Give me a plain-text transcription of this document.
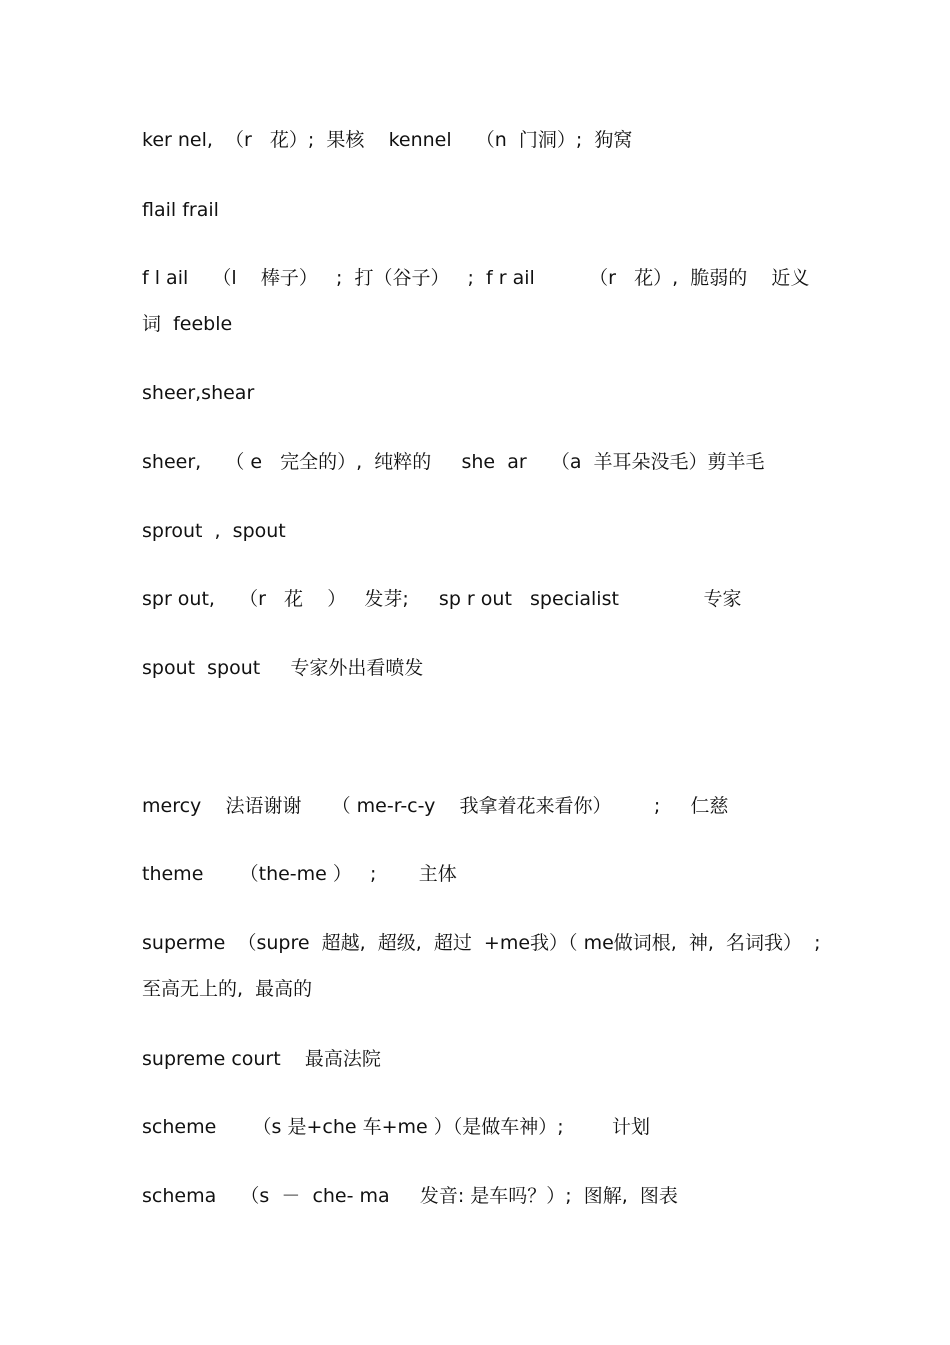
ker nel,  （r   花）;  果核    kennel    （n  门洞）;  狗窝
flail frail
f l ail    （l    棒子）   ;  打（谷子）   ;  f r ail         （r   花）,  脆弱的    近义词  feeble
sheer,shear
sheer,    （ e   完全的）,  纯粹的     she  ar    （a  羊耳朵没毛）剪羊毛
sprout  ,  spout
spr out,    （r   花    ）   发芽;     sp r out   specialist              专家
spout  spout     专家外出看喷发
mercy    法语谢谢     （ me-r-c-y    我拿着花来看你）       ;     仁慈
theme      （the-me ）   ;       主体
superme  （supre  超越,  超级,  超过  +me我）（ me做词根,  神,  名词我）  ;  至高无上的,  最高的
supreme court    最高法院
scheme      （s 是+che 车+me ）（是做车神）;        计划
schema    （s  －  che- ma     发音: 是车吗？）;  图解,  图表
